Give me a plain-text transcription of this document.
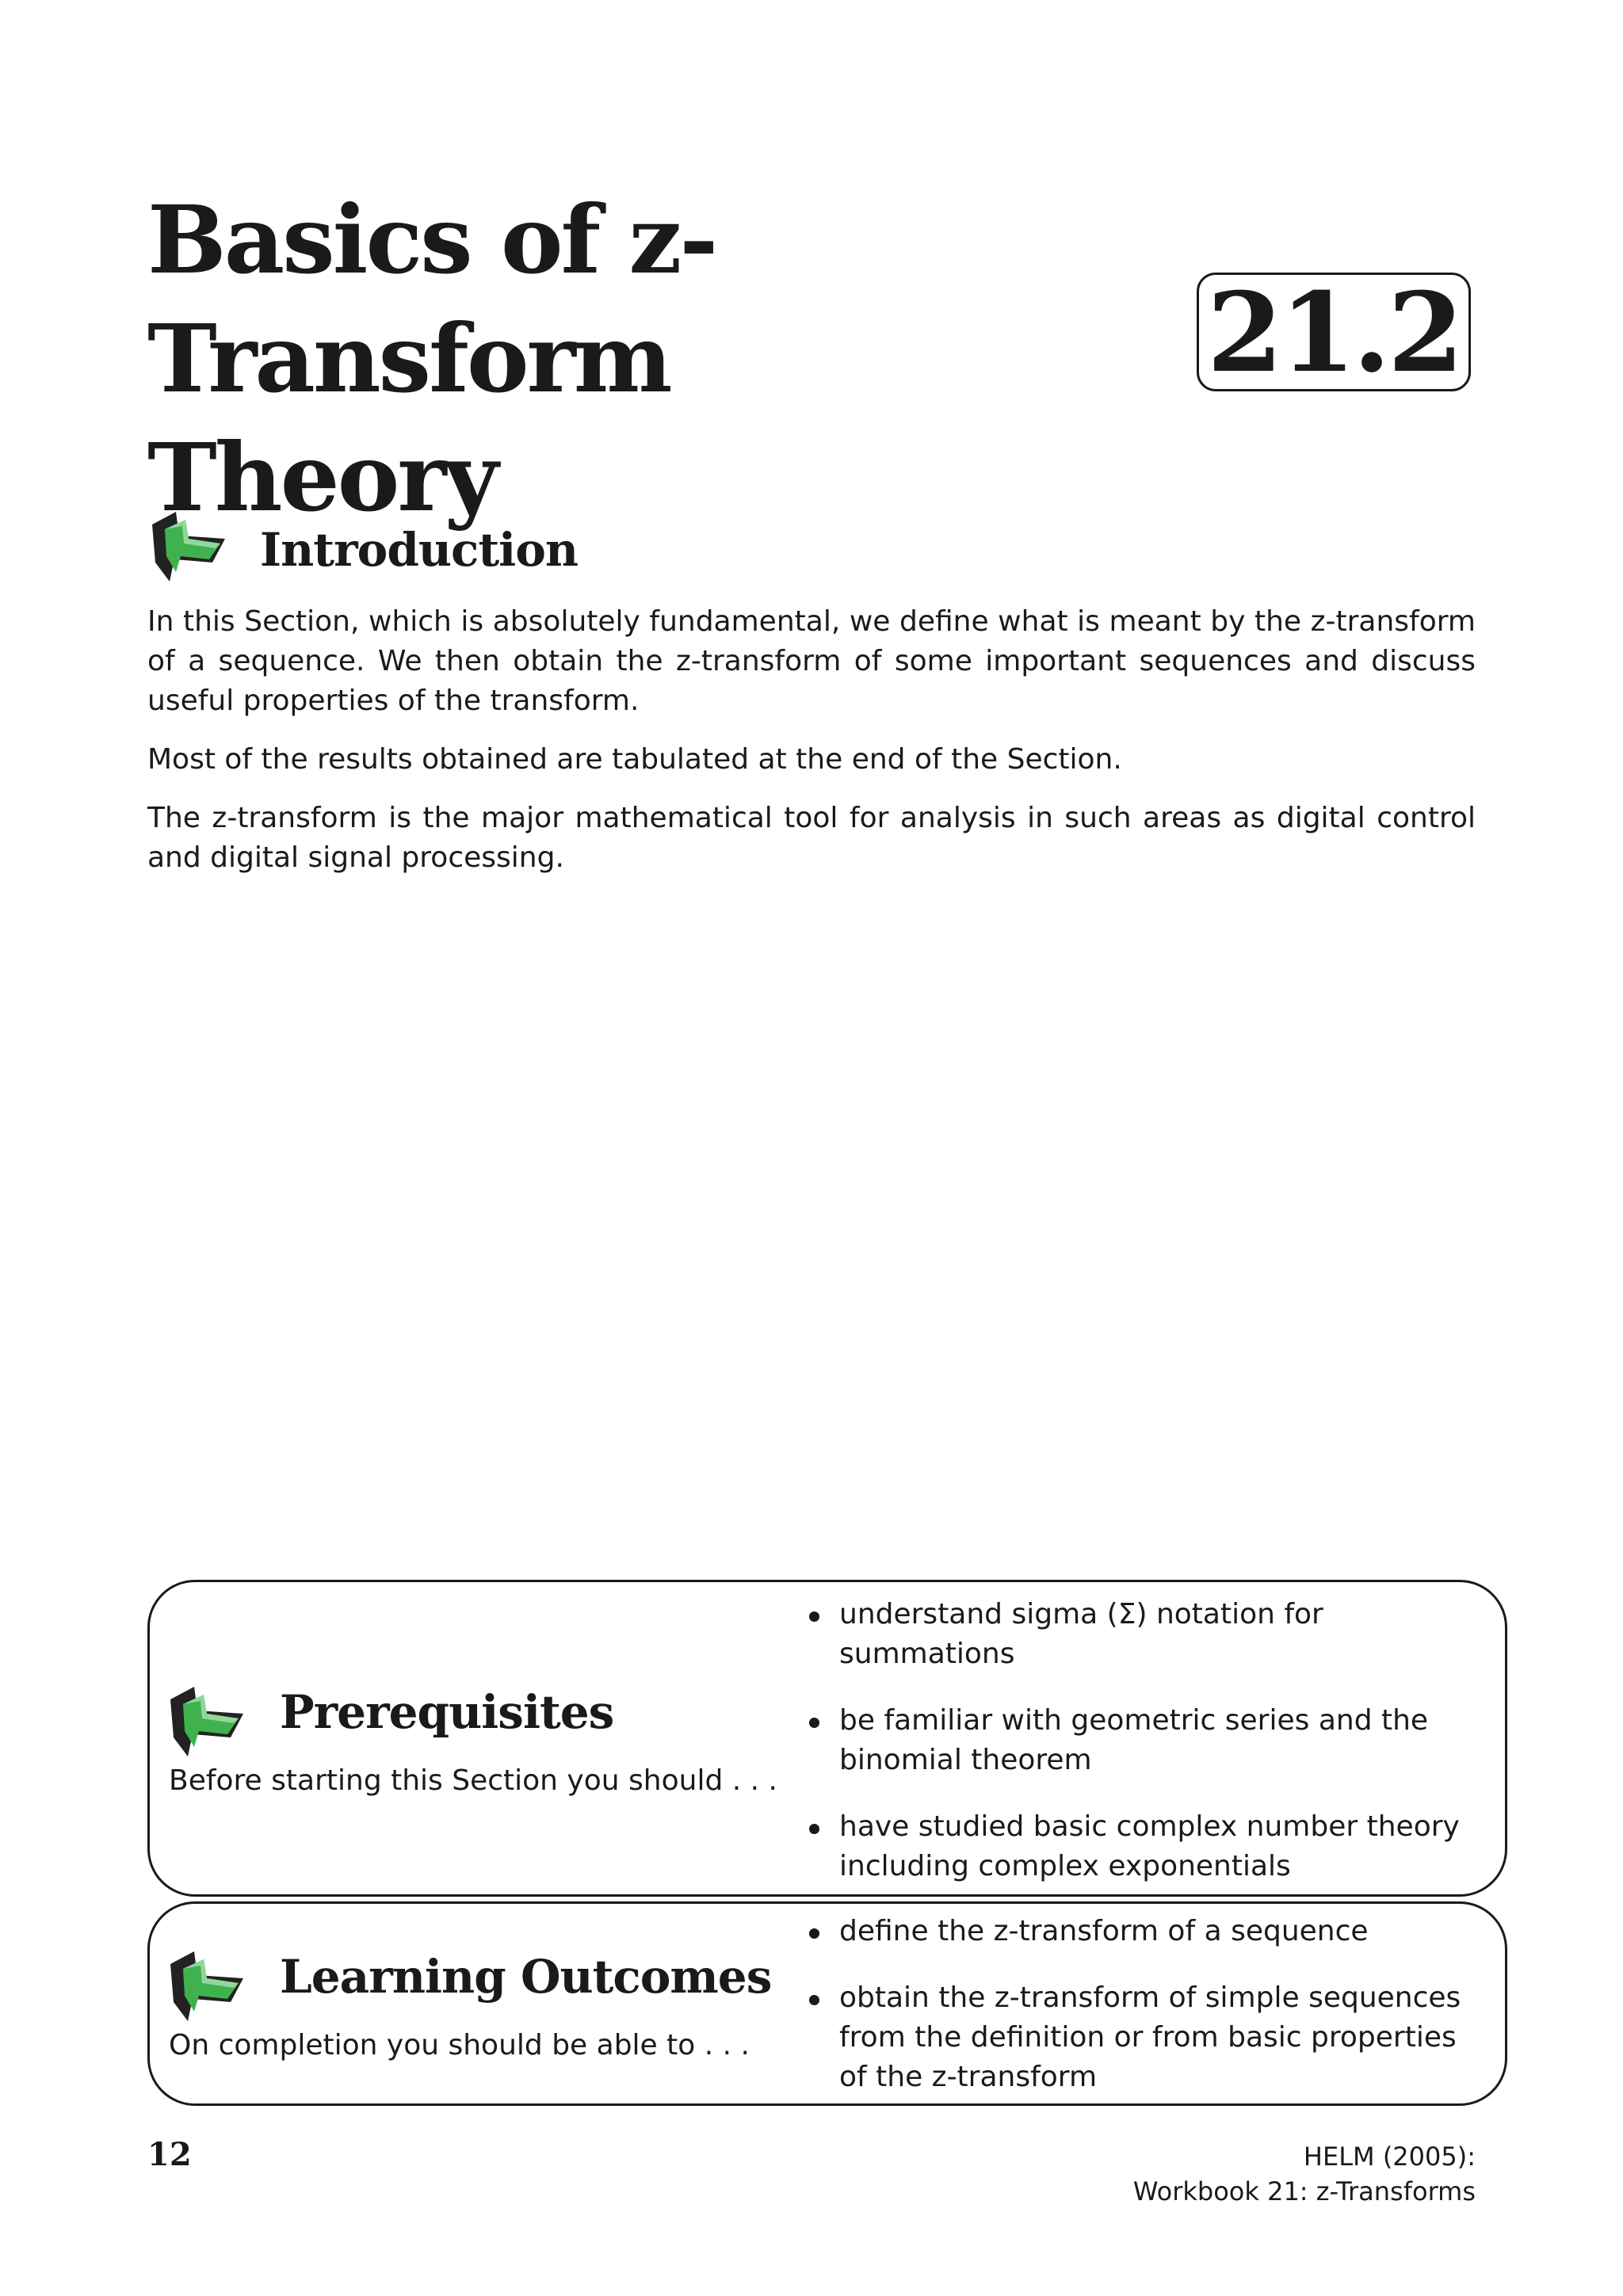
Basics of z-Transform
Theory
21.2
Introduction

In this Section, which is absolutely fundamental, we define what is meant by the z-transform of a sequence. We then obtain the z-transform of some important sequences and discuss useful properties of the transform.

Most of the results obtained are tabulated at the end of the Section.

The z-transform is the major mathematical tool for analysis in such areas as digital control and digital signal processing.

Prerequisites
Before starting this Section you should . . .
understand sigma (Σ) notation for summations
be familiar with geometric series and the binomial theorem
have studied basic complex number theory including complex exponentials
Learning Outcomes
On completion you should be able to . . .
define the z-transform of a sequence
obtain the z-transform of simple sequences from the definition or from basic properties of the z-transform
12	HELM (2005):
Workbook 21: z-Transforms
